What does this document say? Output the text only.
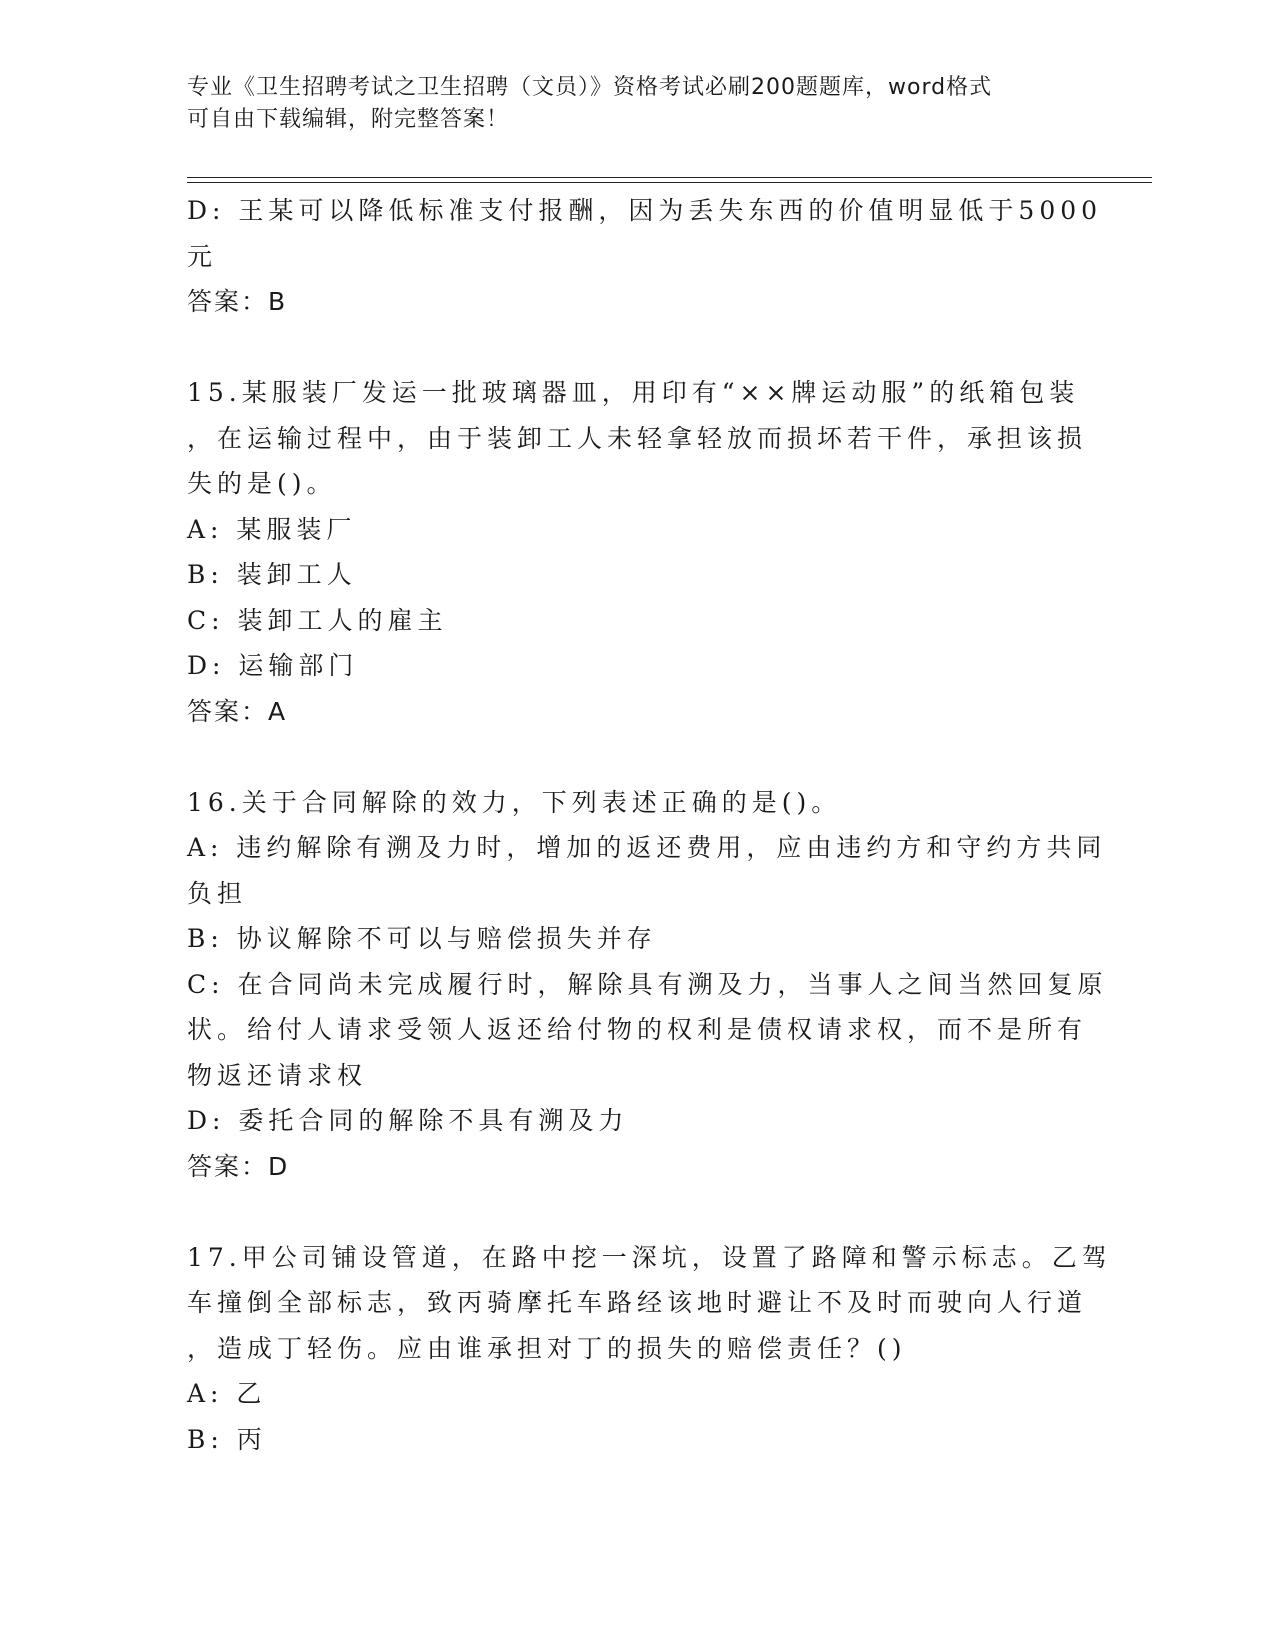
专业《卫生招聘考试之卫生招聘（文员）》资格考试必刷200题题库，word格式
可自由下载编辑，附完整答案！
D: 王某可以降低标准支付报酬，因为丢失东西的价值明显低于5000
元
答案：B
15.某服装厂发运一批玻璃器皿，用印有“××牌运动服”的纸箱包装
，在运输过程中，由于装卸工人未轻拿轻放而损坏若干件，承担该损
失的是()。
A: 某服装厂
B: 装卸工人
C: 装卸工人的雇主
D: 运输部门
答案：A
16.关于合同解除的效力，下列表述正确的是()。
A: 违约解除有溯及力时，增加的返还费用，应由违约方和守约方共同
负担
B: 协议解除不可以与赔偿损失并存
C: 在合同尚未完成履行时，解除具有溯及力，当事人之间当然回复原
状。给付人请求受领人返还给付物的权利是债权请求权，而不是所有
物返还请求权
D: 委托合同的解除不具有溯及力
答案：D
17.甲公司铺设管道，在路中挖一深坑，设置了路障和警示标志。乙驾
车撞倒全部标志，致丙骑摩托车路经该地时避让不及时而驶向人行道
，造成丁轻伤。应由谁承担对丁的损失的赔偿责任？()
A: 乙
B: 丙
